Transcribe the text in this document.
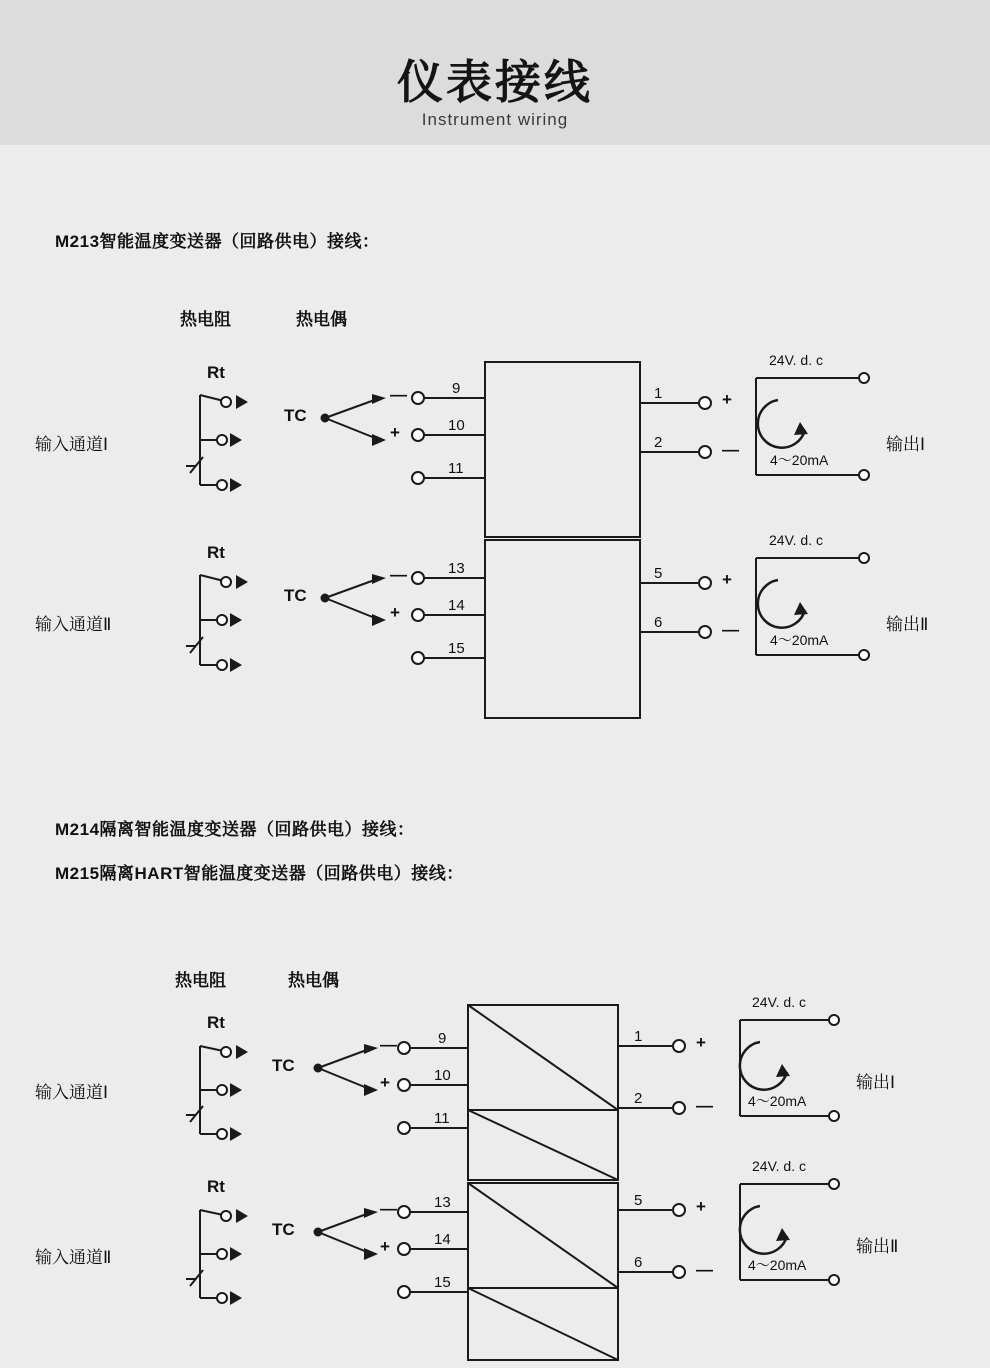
仪表接线
Instrument wiring
M213智能温度变送器（回路供电）接线：
热电阻	热电偶
输入通道Ⅰ
Rt
TC
—
+
9
10
11
1
2
+
—
24V. d. c
4～20mA
输出Ⅰ
输入通道Ⅱ
Rt
TC
—
+
13
14
15
5
6
+
—
24V. d. c
4～20mA
输出Ⅱ
M214隔离智能温度变送器（回路供电）接线：
M215隔离HART智能温度变送器（回路供电）接线：
热电阻	热电偶
输入通道Ⅰ
Rt
TC
—
+
9
10
11
1
2
+
—
24V. d. c
4～20mA
输出Ⅰ
输入通道Ⅱ
Rt
TC
—
+
13
14
15
5
6
+
—
24V. d. c
4～20mA
输出Ⅱ
